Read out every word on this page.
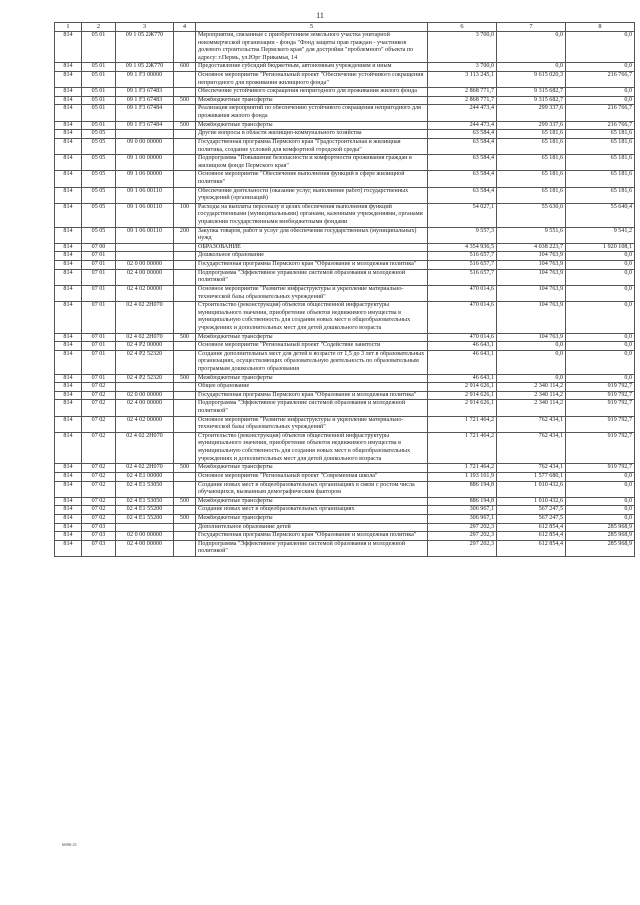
11
1	2	3	4	5	6	7	8
814	05 01	09 1 05 2Ж770		Мероприятия, связанные с приобретением земельного участка унитарной некоммерческой организации - фонда "Фонд защиты прав граждан - участников долевого строительства Пермского края" для достройки "проблемного" объекта по адресу: г.Пермь, ул.Юрг Прикамья, 14	3 700,0	0,0	0,0
814	05 01	09 1 05 2Ж770	600	Предоставление субсидий бюджетным, автономным учреждениям и иным	3 700,0	0,0	0,0
814	05 01	09 1 F3 00000		Основное мероприятие "Региональный проект "Обеспечение устойчивого сокращения непригодного для проживания жилищного фонда"	3 113 245,1	9 615 020,3	216 766,7
814	05 01	09 1 F3 67483		Обеспечение устойчивого сокращения непригодного для проживания жилого фонда	2 868 771,7	9 315 682,7	0,0
814	05 01	09 1 F3 67483	500	Межбюджетные трансферты	2 868 771,7	9 315 682,7	0,0
814	05 01	09 1 F3 67484		Реализация мероприятий по обеспечению устойчивого сокращения непригодного для проживания жилого фонда	244 473,4	299 337,6	216 766,7
814	05 01	09 1 F3 67484	500	Межбюджетные трансферты	244 473,4	299 337,6	216 766,7
814	05 05			Другие вопросы в области жилищно-коммунального хозяйства	63 584,4	65 181,6	65 181,6
814	05 05	09 0 00 00000		Государственная программа Пермского края "Градостроительная и жилищная политика, создание условий для комфортной городской среды"	63 584,4	65 181,6	65 181,6
814	05 05	09 1 00 00000		Подпрограмма "Повышение безопасности и комфортности проживания граждан в жилищном фонде Пермского края"	63 584,4	65 181,6	65 181,6
814	05 05	09 1 06 00000		Основное мероприятие "Обеспечение выполнения функций в сфере жилищной политики"	63 584,4	65 181,6	65 181,6
814	05 05	09 1 06 00110		Обеспечение деятельности (оказание услуг, выполнение работ) государственных учреждений (организаций)	63 584,4	65 181,6	65 181,6
814	05 05	09 1 06 00110	100	Расходы на выплаты персоналу в целях обеспечения выполнения функций государственными (муниципальными) органами, казенными учреждениями, органами управления государственными внебюджетными фондами	54 027,1	55 630,0	55 640,4
814	05 05	09 1 06 00110	200	Закупка товаров, работ и услуг для обеспечения государственных (муниципальных) нужд	9 557,3	9 551,6	9 541,2
814	07 00			ОБРАЗОВАНИЕ	4 354 936,5	4 038 223,7	1 920 108,1
814	07 01			Дошкольное образование	516 657,7	104 763,9	0,0
814	07 01	02 0 00 00000		Государственная программа Пермского края "Образование и молодежная политика"	516 657,7	104 763,9	0,0
814	07 01	02 4 00 00000		Подпрограмма "Эффективное управление системой образования и молодежной политикой"	516 657,7	104 763,9	0,0
814	07 01	02 4 02 00000		Основное мероприятие "Развитие инфраструктуры и укрепление материально-технической базы образовательных учреждений"	470 014,6	104 763,9	0,0
814	07 01	02 4 02 2Н070		Строительство (реконструкция) объектов общественной инфраструктуры муниципального значения, приобретение объектов недвижимого имущества в муниципальную собственность для создания новых мест в общеобразовательных учреждениях и дополнительных мест для детей дошкольного возраста	470 014,6	104 763,9	0,0
814	07 01	02 4 02 2Н070	500	Межбюджетные трансферты	470 014,6	104 763,9	0,0
814	07 01	02 4 P2 00000		Основное мероприятие "Региональный проект "Содействие занятости	46 643,1	0,0	0,0
814	07 01	02 4 P2 52320		Создание дополнительных мест для детей в возрасте от 1,5 до 3 лет в образовательных организациях, осуществляющих образовательную деятельность по образовательным программам дошкольного образования	46 643,1	0,0	0,0
814	07 01	02 4 P2 52320	500	Межбюджетные трансферты	46 643,1	0,0	0,0
814	07 02			Общее образование	2 914 626,1	2 340 114,2	919 792,7
814	07 02	02 0 00 00000		Государственная программа Пермского края "Образование и молодежная политика"	2 914 626,1	2 340 114,2	919 792,7
814	07 02	02 4 00 00000		Подпрограмма "Эффективное управление системой образования и молодежной политикой"	2 914 626,1	2 340 114,2	919 792,7
814	07 02	02 4 02 00000		Основное мероприятие "Развитие инфраструктуры и укрепление материально-технической базы образовательных учреждений"	1 721 464,2	762 434,1	919 792,7
814	07 02	02 4 02 2Н070		Строительство (реконструкция) объектов общественной инфраструктуры муниципального значения, приобретение объектов недвижимого имущества в муниципальную собственность для создания новых мест в общеобразовательных учреждениях и дополнительных мест для детей дошкольного возраста	1 721 464,2	762 434,1	919 792,7
814	07 02	02 4 02 2Н070	500	Межбюджетные трансферты	1 721 464,2	762 434,1	919 792,7
814	07 02	02 4 E1 00000		Основное мероприятие "Региональный проект "Современная школа"	1 193 161,9	1 577 680,1	0,0
814	07 02	02 4 E1 53050		Создание новых мест в общеобразовательных организациях в связи с ростом числа обучающихся, вызванным демографическим фактором	886 194,8	1 010 432,6	0,0
814	07 02	02 4 E1 53050	500	Межбюджетные трансферты	886 194,8	1 010 432,6	0,0
814	07 02	02 4 E1 55200		Создание новых мест в общеобразовательных организациях	306 967,1	567 247,5	0,0
814	07 02	02 4 E1 55200	500	Межбюджетные трансферты	306 967,1	567 247,5	0,0
814	07 03			Дополнительное образование детей	297 202,3	612 854,4	285 968,9
814	07 03	02 0 00 00000		Государственная программа Пермского края "Образование и молодежная политика"	297 202,3	612 854,4	285 968,9
814	07 03	02 4 00 00000		Подпрограмма "Эффективное управление системой образования и молодежной политикой"	297 202,3	612 854,4	285 968,9
6686-21
